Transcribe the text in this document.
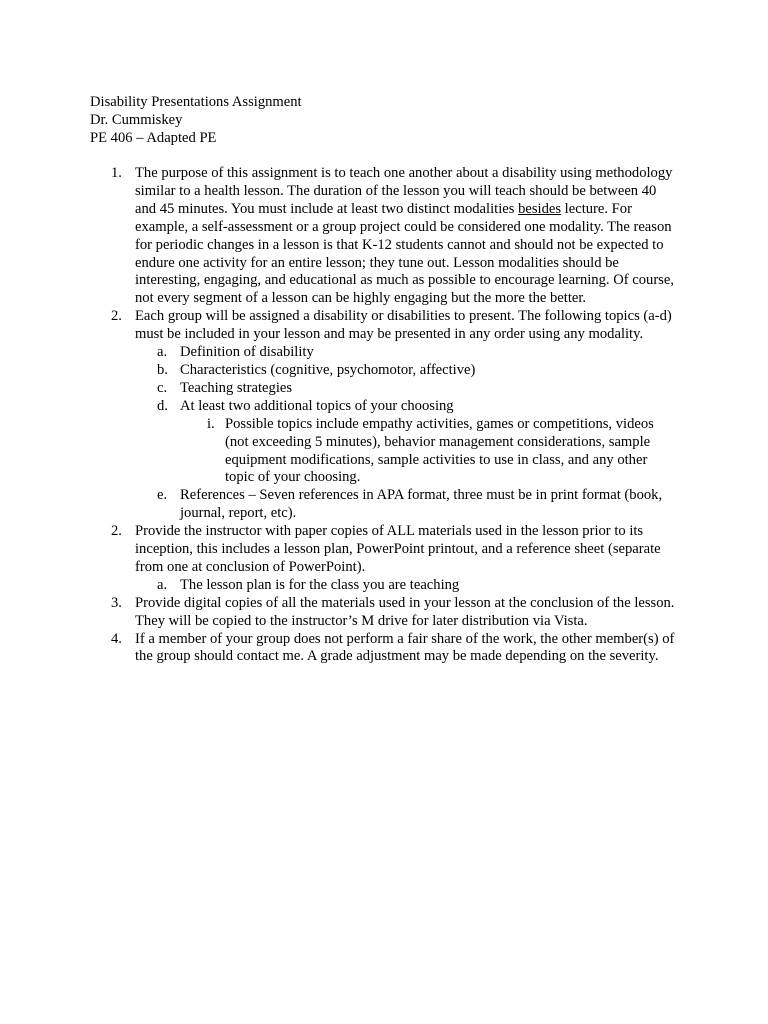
Disability Presentations Assignment
Dr. Cummiskey
PE 406 – Adapted PE
1. The purpose of this assignment is to teach one another about a disability using methodology similar to a health lesson. The duration of the lesson you will teach should be between 40 and 45 minutes. You must include at least two distinct modalities besides lecture. For example, a self-assessment or a group project could be considered one modality. The reason for periodic changes in a lesson is that K-12 students cannot and should not be expected to endure one activity for an entire lesson; they tune out. Lesson modalities should be interesting, engaging, and educational as much as possible to encourage learning. Of course, not every segment of a lesson can be highly engaging but the more the better.
2. Each group will be assigned a disability or disabilities to present. The following topics (a-d) must be included in your lesson and may be presented in any order using any modality.
a. Definition of disability
b. Characteristics (cognitive, psychomotor, affective)
c. Teaching strategies
d. At least two additional topics of your choosing
i. Possible topics include empathy activities, games or competitions, videos (not exceeding 5 minutes), behavior management considerations, sample equipment modifications, sample activities to use in class, and any other topic of your choosing.
e. References – Seven references in APA format, three must be in print format (book, journal, report, etc).
2. Provide the instructor with paper copies of ALL materials used in the lesson prior to its inception, this includes a lesson plan, PowerPoint printout, and a reference sheet (separate from one at conclusion of PowerPoint).
a. The lesson plan is for the class you are teaching
3. Provide digital copies of all the materials used in your lesson at the conclusion of the lesson. They will be copied to the instructor’s M drive for later distribution via Vista.
4. If a member of your group does not perform a fair share of the work, the other member(s) of the group should contact me. A grade adjustment may be made depending on the severity.
